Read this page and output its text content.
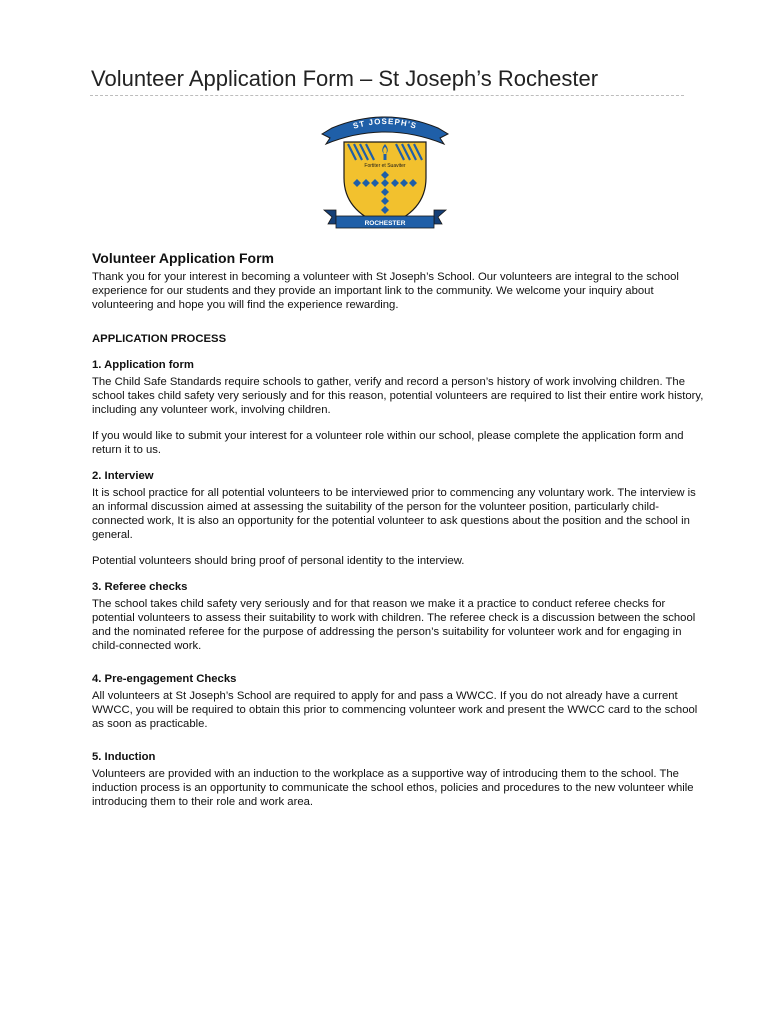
Volunteer Application Form – St Joseph’s Rochester
ST JOSEPH'S
Fortiter et Suaviter
ROCHESTER
Volunteer Application Form

Thank you for your interest in becoming a volunteer with St Joseph’s School. Our volunteers are integral to the school experience for our students and they provide an important link to the community. We welcome your inquiry about volunteering and hope you will find the experience rewarding.

APPLICATION PROCESS

1. Application form

The Child Safe Standards require schools to gather, verify and record a person’s history of work involving children. The school takes child safety very seriously and for this reason, potential volunteers are required to list their entire work history, including any volunteer work, involving children.

If you would like to submit your interest for a volunteer role within our school, please complete the application form and return it to us.

2. Interview

It is school practice for all potential volunteers to be interviewed prior to commencing any voluntary work. The interview is an informal discussion aimed at assessing the suitability of the person for the volunteer position, particularly child-connected work, It is also an opportunity for the potential volunteer to ask questions about the position and the school in general.

Potential volunteers should bring proof of personal identity to the interview.

3. Referee checks

The school takes child safety very seriously and for that reason we make it a practice to conduct referee checks for potential volunteers to assess their suitability to work with children. The referee check is a discussion between the school and the nominated referee for the purpose of addressing the person’s suitability for volunteer work and for engaging in child-connected work.

4. Pre-engagement Checks

All volunteers at St Joseph’s School are required to apply for and pass a WWCC. If you do not already have a current WWCC, you will be required to obtain this prior to commencing volunteer work and present the WWCC card to the school as soon as practicable.

5. Induction

Volunteers are provided with an induction to the workplace as a supportive way of introducing them to the school. The induction process is an opportunity to communicate the school ethos, policies and procedures to the new volunteer while introducing them to their role and work area.
